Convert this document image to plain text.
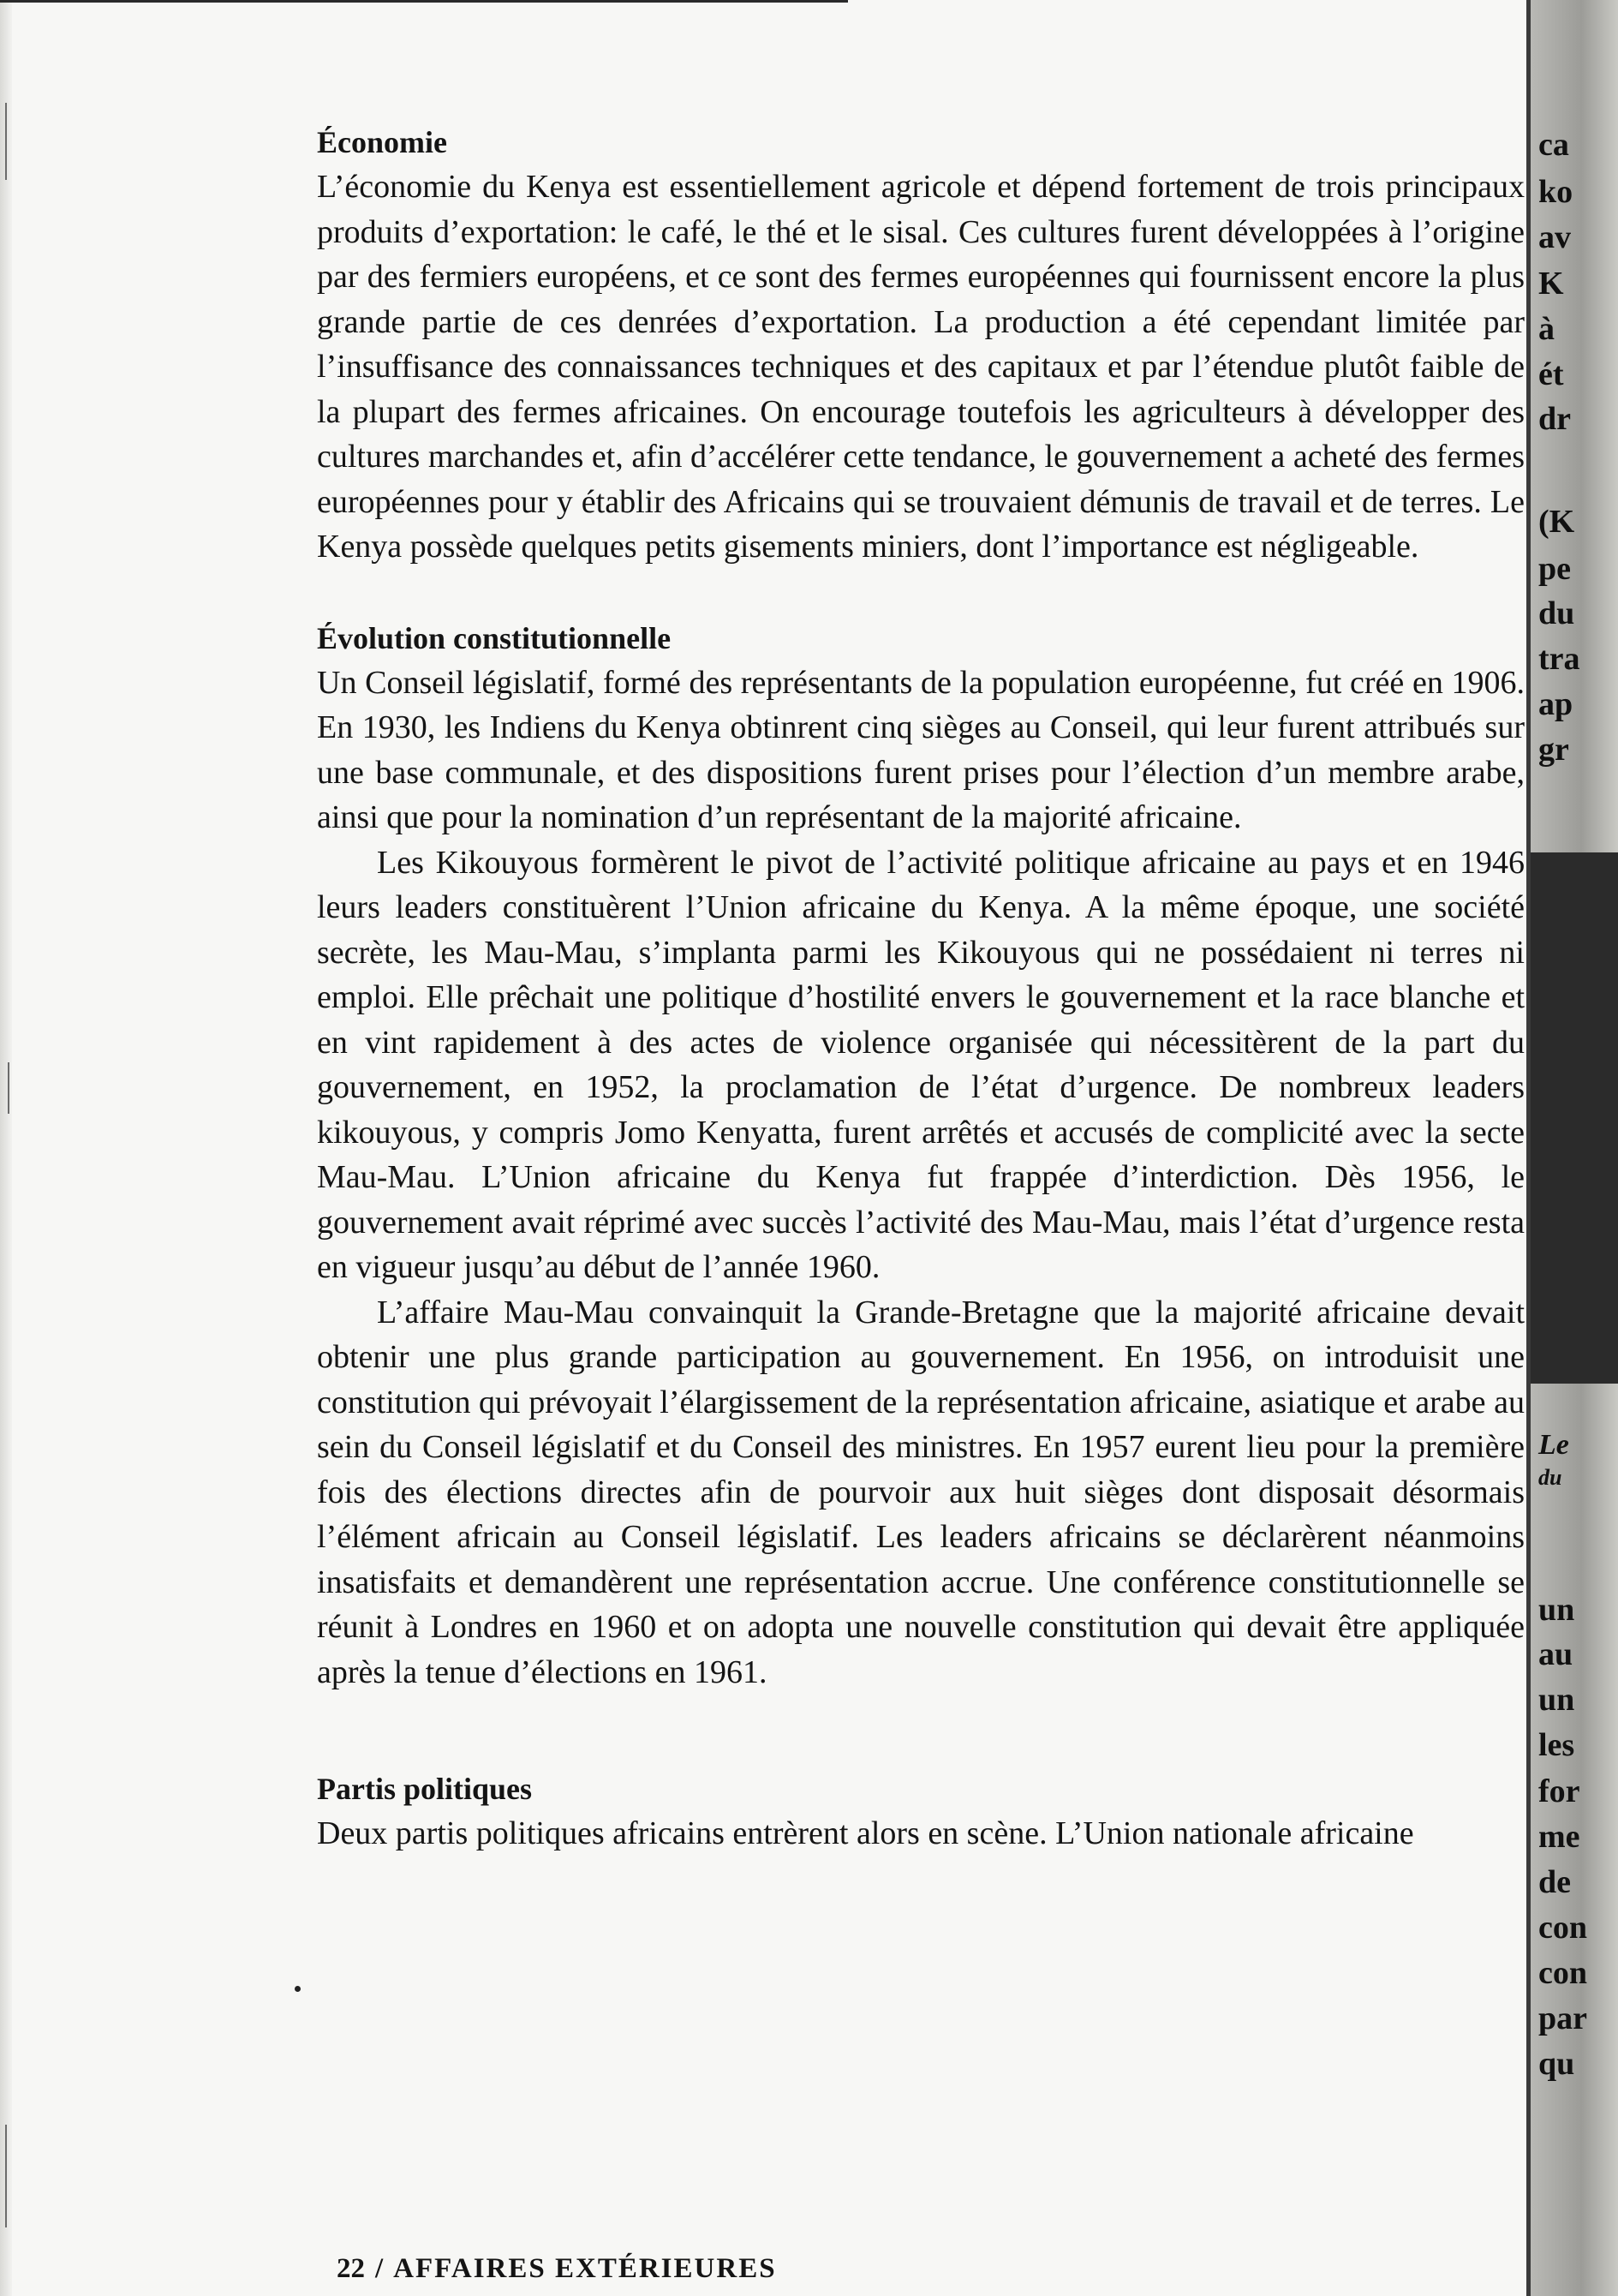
Économie

L’économie du Kenya est essentiellement agricole et dépend fortement de trois principaux produits d’exportation: le café, le thé et le sisal. Ces cultures furent développées à l’origine par des fermiers européens, et ce sont des fermes européennes qui fournissent encore la plus grande partie de ces denrées d’exportation. La production a été cependant limitée par l’insuffisance des connaissances techniques et des capitaux et par l’étendue plutôt faible de la plupart des fermes africaines. On encourage toutefois les agriculteurs à développer des cultures marchandes et, afin d’accélérer cette tendance, le gouvernement a acheté des fermes européennes pour y établir des Africains qui se trouvaient démunis de travail et de terres. Le Kenya possède quelques petits gisements miniers, dont l’importance est négligeable.

Évolution constitutionnelle

Un Conseil législatif, formé des représentants de la population européenne, fut créé en 1906. En 1930, les Indiens du Kenya obtinrent cinq sièges au Conseil, qui leur furent attribués sur une base communale, et des dispositions furent prises pour l’élection d’un membre arabe, ainsi que pour la nomination d’un représentant de la majorité africaine.

Les Kikouyous formèrent le pivot de l’activité politique africaine au pays et en 1946 leurs leaders constituèrent l’Union africaine du Kenya. A la même époque, une société secrète, les Mau-Mau, s’implanta parmi les Kikouyous qui ne possédaient ni terres ni emploi. Elle prêchait une politique d’hostilité envers le gouvernement et la race blanche et en vint rapidement à des actes de violence organisée qui nécessitèrent de la part du gouvernement, en 1952, la proclamation de l’état d’urgence. De nombreux leaders kikouyous, y compris Jomo Kenyatta, furent arrêtés et accusés de complicité avec la secte Mau-Mau. L’Union africaine du Kenya fut frappée d’interdiction. Dès 1956, le gouvernement avait réprimé avec succès l’activité des Mau-Mau, mais l’état d’urgence resta en vigueur jusqu’au début de l’année 1960.

L’affaire Mau-Mau convainquit la Grande-Bretagne que la majorité africaine devait obtenir une plus grande participation au gouvernement. En 1956, on introduisit une constitution qui prévoyait l’élargissement de la représentation africaine, asiatique et arabe au sein du Conseil législatif et du Conseil des ministres. En 1957 eurent lieu pour la première fois des élections directes afin de pourvoir aux huit sièges dont disposait désormais l’élément africain au Conseil législatif. Les leaders africains se déclarèrent néanmoins insatisfaits et demandèrent une représentation accrue. Une conférence constitutionnelle se réunit à Londres en 1960 et on adopta une nouvelle constitution qui devait être appliquée après la tenue d’élections en 1961.

Partis politiques

Deux partis politiques africains entrèrent alors en scène. L’Union nationale africaine

22 / AFFAIRES EXTÉRIEURES
ca
ko
av
K
à
ét
dr
(K
pe
du
tra
ap
gr
Le
du
un
au
un
les
for
me
de
con
con
par
qu
